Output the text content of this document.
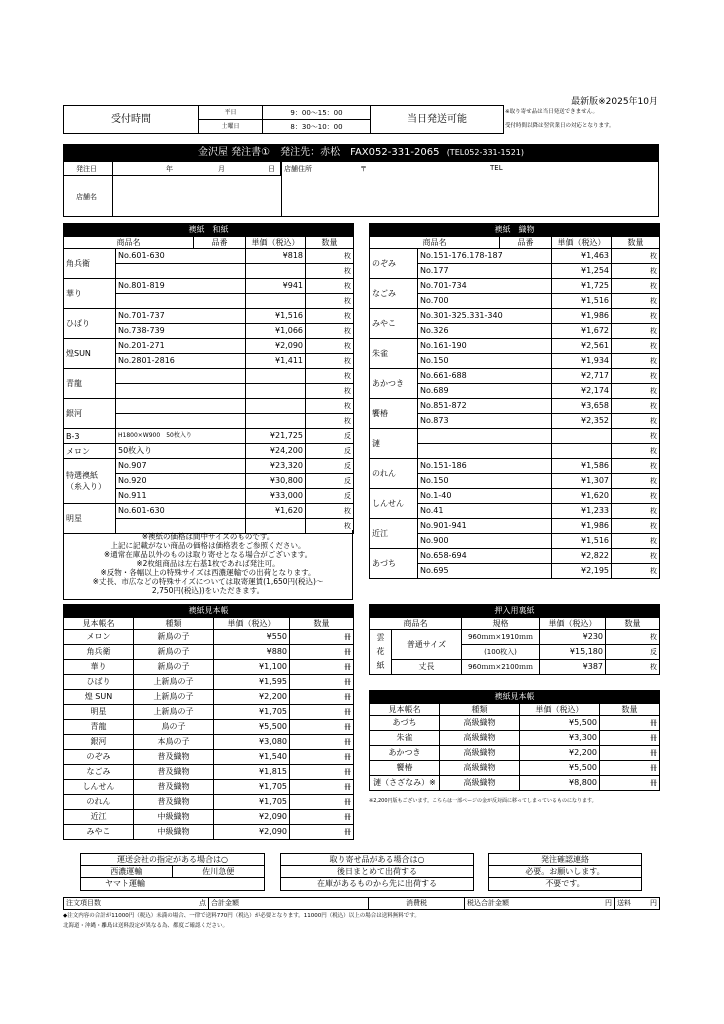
最新版※2025年10月
受付時間	平日	9：00〜15：00	当日発送可能
	土曜日	8：30〜10：00	
※取り寄せ品は当日発送できません。
受付時間以降は翌営業日の対応となります。
金沢屋 発注書①　発注先：赤松　FAX052-331-2065 (TEL052-331-1521)
発注日	年	月	日 店舗住所	〒	TEL
店舗名
襖紙　和紙				
商品名		品番	単価（税込）	数量
角兵衛	No.601-630		¥818	枚
				枚
華り	No.801-819		¥941	枚
				枚
ひばり	No.701-737		¥1,516	枚
	No.738-739		¥1,066	枚
煌SUN	No.201-271		¥2,090	枚
	No.2801-2816		¥1,411	枚
青龍				枚
				枚
銀河				枚
				枚
B-3	H1800×W900　50枚入り		¥21,725	反
メロン	50枚入り		¥24,200	反
特選襖紙（糸入り）	No.907		¥23,320	反
	No.920		¥30,800	反
	No.911		¥33,000	反
明星	No.601-630		¥1,620	枚
				枚
※襖紙の価格は間中サイズのものです。
上記に記載がない商品の価格は価格表をご参照ください。
※通常在庫品以外のものは取り寄せとなる場合がございます。
※2枚組商品は左右基1枚であれば発注可。
※反物・各幅以上の特殊サイズは西濃運輸での出荷となります。
※丈長、市広などの特殊サイズについては取寄運賃(1,650円(税込)〜
2,750円(税込))をいただきます。
襖紙　織物				
商品名		品番	単価（税込）	数量
のぞみ	No.151-176.178-187		¥1,463	枚
	No.177		¥1,254	枚
なごみ	No.701-734		¥1,725	枚
	No.700		¥1,516	枚
みやこ	No.301-325.331-340		¥1,986	枚
	No.326		¥1,672	枚
朱雀	No.161-190		¥2,561	枚
	No.150		¥1,934	枚
あかつき	No.661-688		¥2,717	枚
	No.689		¥2,174	枚
饗椿	No.851-872		¥3,658	枚
	No.873		¥2,352	枚
漣				枚
				枚
のれん	No.151-186		¥1,586	枚
	No.150		¥1,307	枚
しんせん	No.1-40		¥1,620	枚
	No.41		¥1,233	枚
近江	No.901-941		¥1,986	枚
	No.900		¥1,516	枚
あづち	No.658-694		¥2,822	枚
	No.695		¥2,195	枚
襖紙見本帳			
見本帳名	種類	単価（税込）	数量
メロン	新鳥の子	¥550	冊
角兵衛	新鳥の子	¥880	冊
華り	新鳥の子	¥1,100	冊
ひばり	上新鳥の子	¥1,595	冊
煌 SUN	上新鳥の子	¥2,200	冊
明星	上新鳥の子	¥1,705	冊
青龍	鳥の子	¥5,500	冊
銀河	本鳥の子	¥3,080	冊
のぞみ	普及織物	¥1,540	冊
なごみ	普及織物	¥1,815	冊
しんせん	普及織物	¥1,705	冊
のれん	普及織物	¥1,705	冊
近江	中級織物	¥2,090	冊
みやこ	中級織物	¥2,090	冊
押入用裏紙				
商品名		規格	単価（税込）	数量
雲花紙	普通サイズ	960ｍｍ×1910ｍｍ	¥230	枚
		(100枚入)	¥15,180	反
	丈長	960ｍｍ×2100ｍｍ	¥387	枚
襖紙見本帳			
見本帳名	種類	単価（税込）	数量
あづち	高級織物	¥5,500	冊
朱雀	高級織物	¥3,300	冊
あかつき	高級織物	¥2,200	冊
饗椿	高級織物	¥5,500	冊
漣（さざなみ）※	高級織物	¥8,800	冊
※2,200円版もございます。こちらは一部ページの金が反対面に移ってしまっているものになります。
運送会社の指定がある場合は○
西濃運輸	佐川急便
ヤマト運輸
取り寄せ品がある場合は○
後日まとめて出荷する
在庫があるものから先に出荷する
発注確認連絡
必要。お願いします。
不要です。
注文項目数	点	合計金額	消費税	税込合計金額	円	送料	円
◆注文内容の合計が11000円（税込）未満の場合、一律で送料770円（税込）が必要となります。11000円（税込）以上の場合は送料無料です。
北海道・沖縄・離島は送料設定が異なる為、都度ご確認ください。
